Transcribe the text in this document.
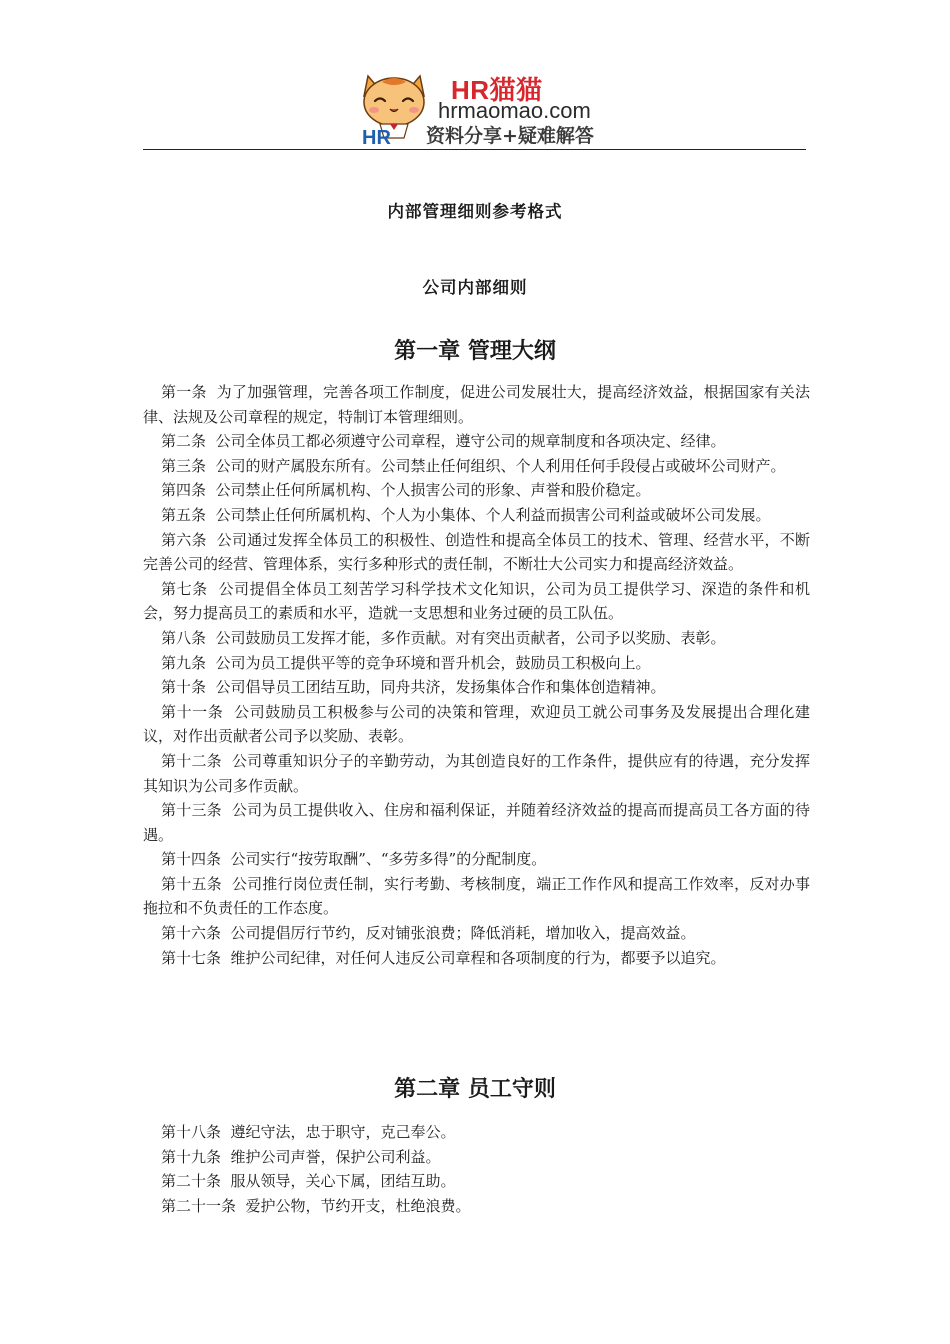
HR
HR猫猫
hrmaomao.com
资料分享+疑难解答
内部管理细则参考格式
公司内部细则
第一章 管理大纲
第一条  为了加强管理，完善各项工作制度，促进公司发展壮大，提高经济效益，根据国家有关法律、法规及公司章程的规定，特制订本管理细则。
第二条  公司全体员工都必须遵守公司章程，遵守公司的规章制度和各项决定、经律。
第三条  公司的财产属股东所有。公司禁止任何组织、个人利用任何手段侵占或破坏公司财产。
第四条  公司禁止任何所属机构、个人损害公司的形象、声誉和股价稳定。
第五条  公司禁止任何所属机构、个人为小集体、个人利益而损害公司利益或破坏公司发展。
第六条  公司通过发挥全体员工的积极性、创造性和提高全体员工的技术、管理、经营水平，不断完善公司的经营、管理体系，实行多种形式的责任制，不断壮大公司实力和提高经济效益。
第七条  公司提倡全体员工刻苦学习科学技术文化知识，公司为员工提供学习、深造的条件和机会，努力提高员工的素质和水平，造就一支思想和业务过硬的员工队伍。
第八条  公司鼓励员工发挥才能，多作贡献。对有突出贡献者，公司予以奖励、表彰。
第九条  公司为员工提供平等的竞争环境和晋升机会，鼓励员工积极向上。
第十条  公司倡导员工团结互助，同舟共济，发扬集体合作和集体创造精神。
第十一条  公司鼓励员工积极参与公司的决策和管理，欢迎员工就公司事务及发展提出合理化建议，对作出贡献者公司予以奖励、表彰。
第十二条  公司尊重知识分子的辛勤劳动，为其创造良好的工作条件，提供应有的待遇，充分发挥其知识为公司多作贡献。
第十三条  公司为员工提供收入、住房和福利保证，并随着经济效益的提高而提高员工各方面的待遇。
第十四条  公司实行“按劳取酬”、“多劳多得”的分配制度。
第十五条  公司推行岗位责任制，实行考勤、考核制度，端正工作作风和提高工作效率，反对办事拖拉和不负责任的工作态度。
第十六条  公司提倡厉行节约，反对铺张浪费；降低消耗，增加收入，提高效益。
第十七条  维护公司纪律，对任何人违反公司章程和各项制度的行为，都要予以追究。
第二章 员工守则
第十八条  遵纪守法，忠于职守，克己奉公。
第十九条  维护公司声誉，保护公司利益。
第二十条  服从领导，关心下属，团结互助。
第二十一条  爱护公物，节约开支，杜绝浪费。
